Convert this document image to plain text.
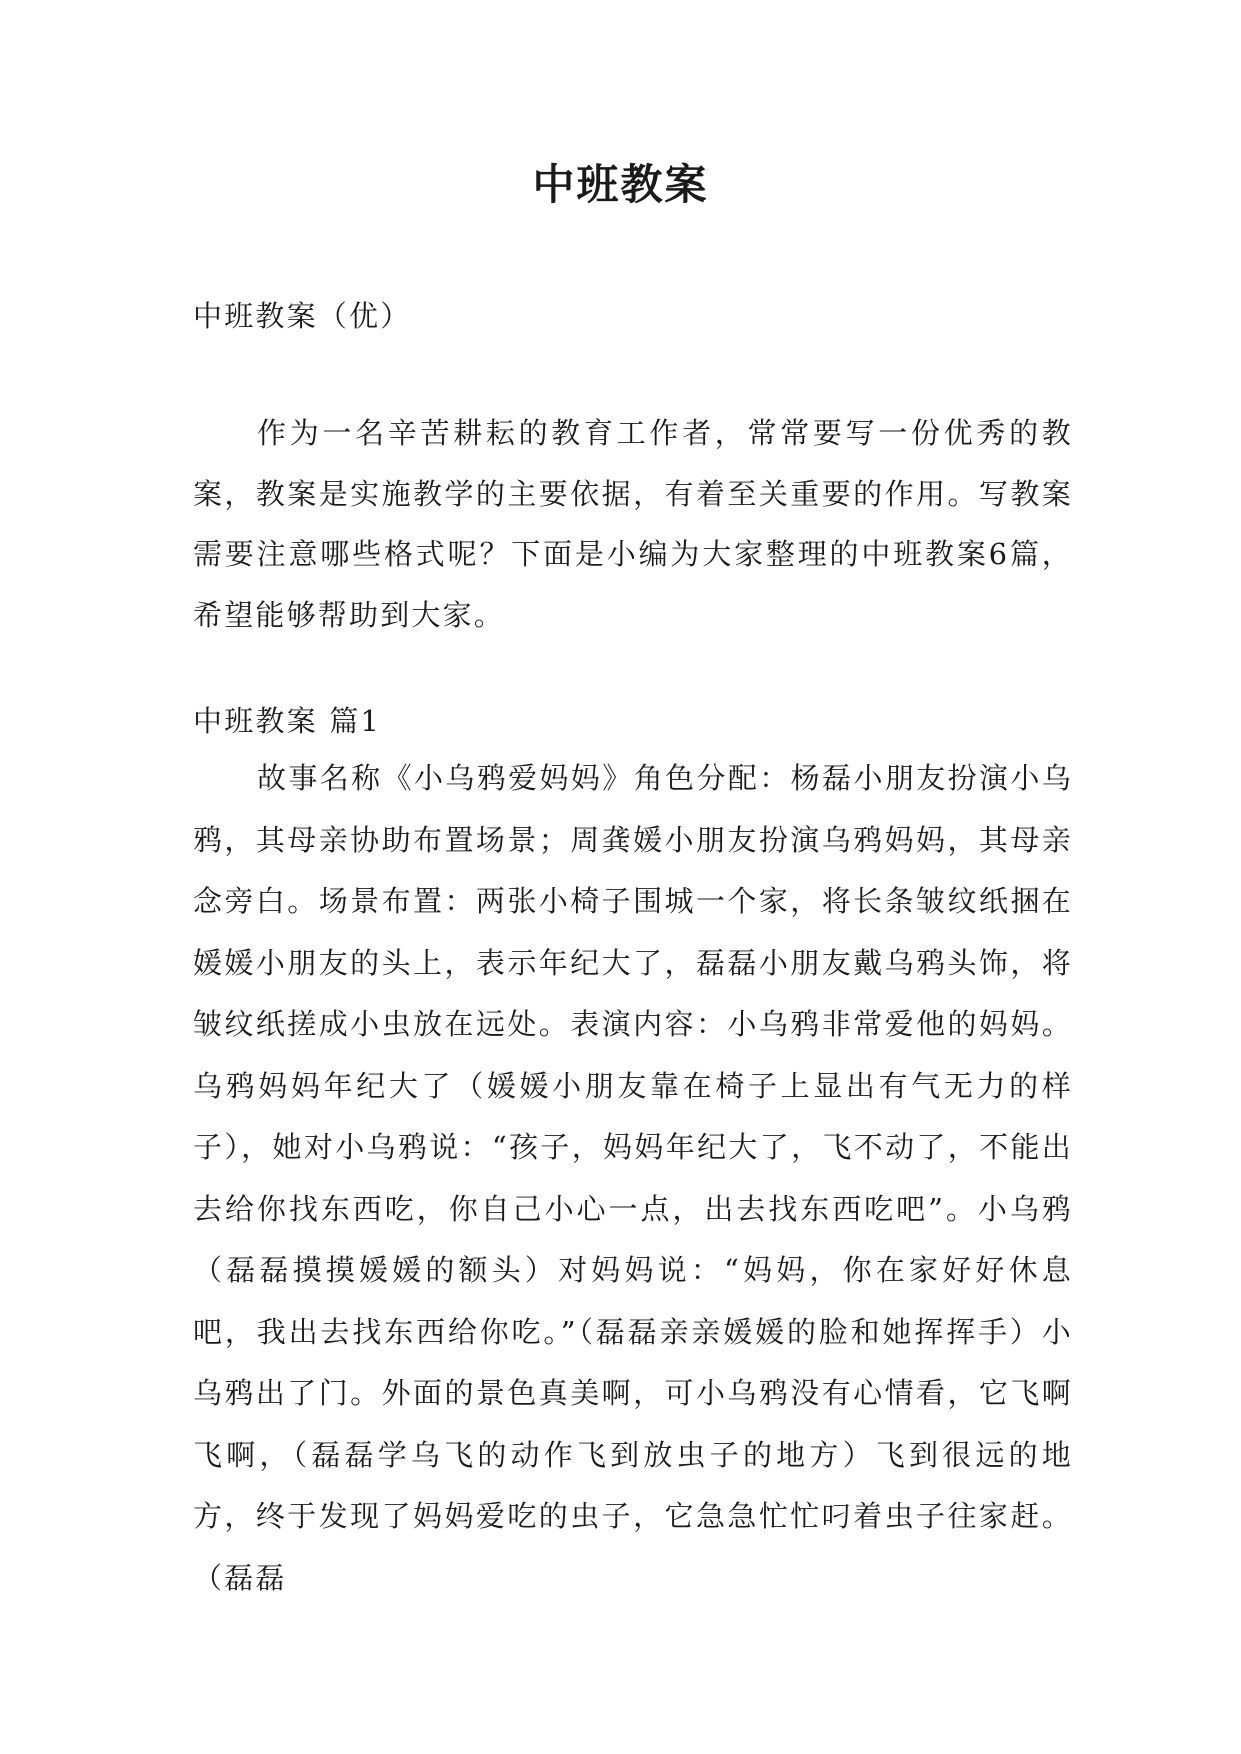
中班教案
中班教案（优）
作为一名辛苦耕耘的教育工作者，常常要写一份优秀的教案，教案是实施教学的主要依据，有着至关重要的作用。写教案需要注意哪些格式呢？下面是小编为大家整理的中班教案6篇，希望能够帮助到大家。
中班教案 篇1
故事名称《小乌鸦爱妈妈》角色分配：杨磊小朋友扮演小乌鸦，其母亲协助布置场景；周龚媛小朋友扮演乌鸦妈妈，其母亲念旁白。场景布置：两张小椅子围城一个家，将长条皱纹纸捆在媛媛小朋友的头上，表示年纪大了，磊磊小朋友戴乌鸦头饰，将皱纹纸搓成小虫放在远处。表演内容：小乌鸦非常爱他的妈妈。乌鸦妈妈年纪大了（媛媛小朋友靠在椅子上显出有气无力的样子），她对小乌鸦说：“孩子，妈妈年纪大了，飞不动了，不能出去给你找东西吃，你自己小心一点，出去找东西吃吧”。小乌鸦（磊磊摸摸媛媛的额头）对妈妈说：“妈妈，你在家好好休息吧，我出去找东西给你吃。”（磊磊亲亲媛媛的脸和她挥挥手）小乌鸦出了门。外面的景色真美啊，可小乌鸦没有心情看，它飞啊飞啊，（磊磊学乌飞的动作飞到放虫子的地方）飞到很远的地方，终于发现了妈妈爱吃的虫子，它急急忙忙叼着虫子往家赶。（磊磊
